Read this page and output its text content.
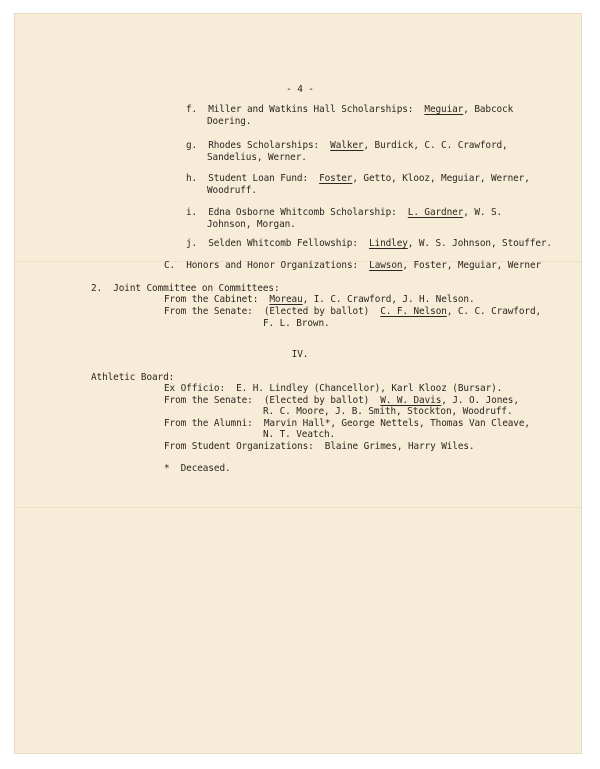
- 4 -
f. Miller and Watkins Hall Scholarships: Meguiar, Babcock
Doering.
g. Rhodes Scholarships: Walker, Burdick, C. C. Crawford,
Sandelius, Werner.
h. Student Loan Fund: Foster, Getto, Klooz, Meguiar, Werner,
Woodruff.
i. Edna Osborne Whitcomb Scholarship: L. Gardner, W. S.
Johnson, Morgan.
j. Selden Whitcomb Fellowship: Lindley, W. S. Johnson, Stouffer.
C. Honors and Honor Organizations: Lawson, Foster, Meguiar, Werner
2. Joint Committee on Committees:
From the Cabinet: Moreau, I. C. Crawford, J. H. Nelson.
From the Senate: (Elected by ballot) C. F. Nelson, C. C. Crawford,
F. L. Brown.
IV.
Athletic Board:
Ex Officio:  E. H. Lindley (Chancellor), Karl Klooz (Bursar).
From the Senate: (Elected by ballot) W. W. Davis, J. O. Jones,
R. C. Moore, J. B. Smith, Stockton, Woodruff.
From the Alumni: Marvin Hall*, George Nettels, Thomas Van Cleave,
N. T. Veatch.
From Student Organizations:  Blaine Grimes, Harry Wiles.
*  Deceased.
